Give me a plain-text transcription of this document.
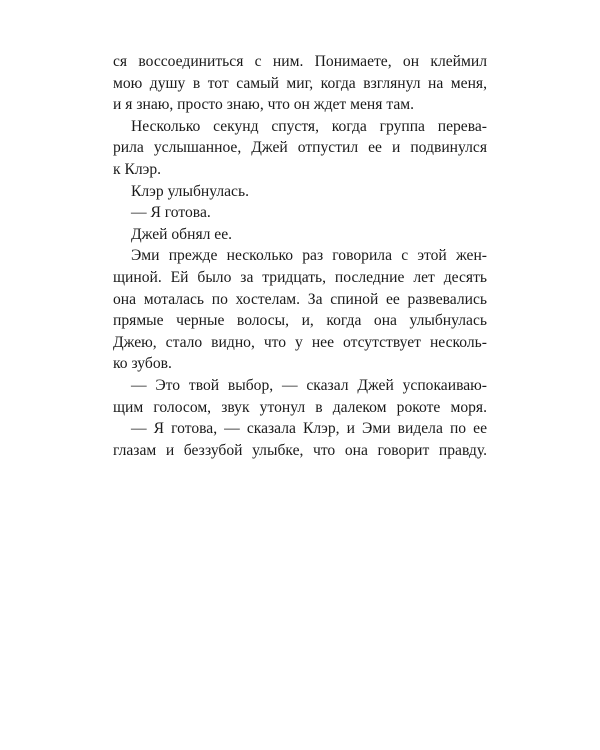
ся воссоединиться с ним. Понимаете, он клеймил
мою душу в тот самый миг, когда взглянул на меня,
и я знаю, просто знаю, что он ждет меня там.
Несколько секунд спустя, когда группа перева-
рила услышанное, Джей отпустил ее и подвинулся
к Клэр.
Клэр улыбнулась.
— Я готова.
Джей обнял ее.
Эми прежде несколько раз говорила с этой жен-
щиной. Ей было за тридцать, последние лет десять
она моталась по хостелам. За спиной ее развевались
прямые черные волосы, и, когда она улыбнулась
Джею, стало видно, что у нее отсутствует несколь-
ко зубов.
— Это твой выбор, — сказал Джей успокаиваю-
щим голосом, звук утонул в далеком рокоте моря.
— Я готова, — сказала Клэр, и Эми видела по ее
глазам и беззубой улыбке, что она говорит правду.
